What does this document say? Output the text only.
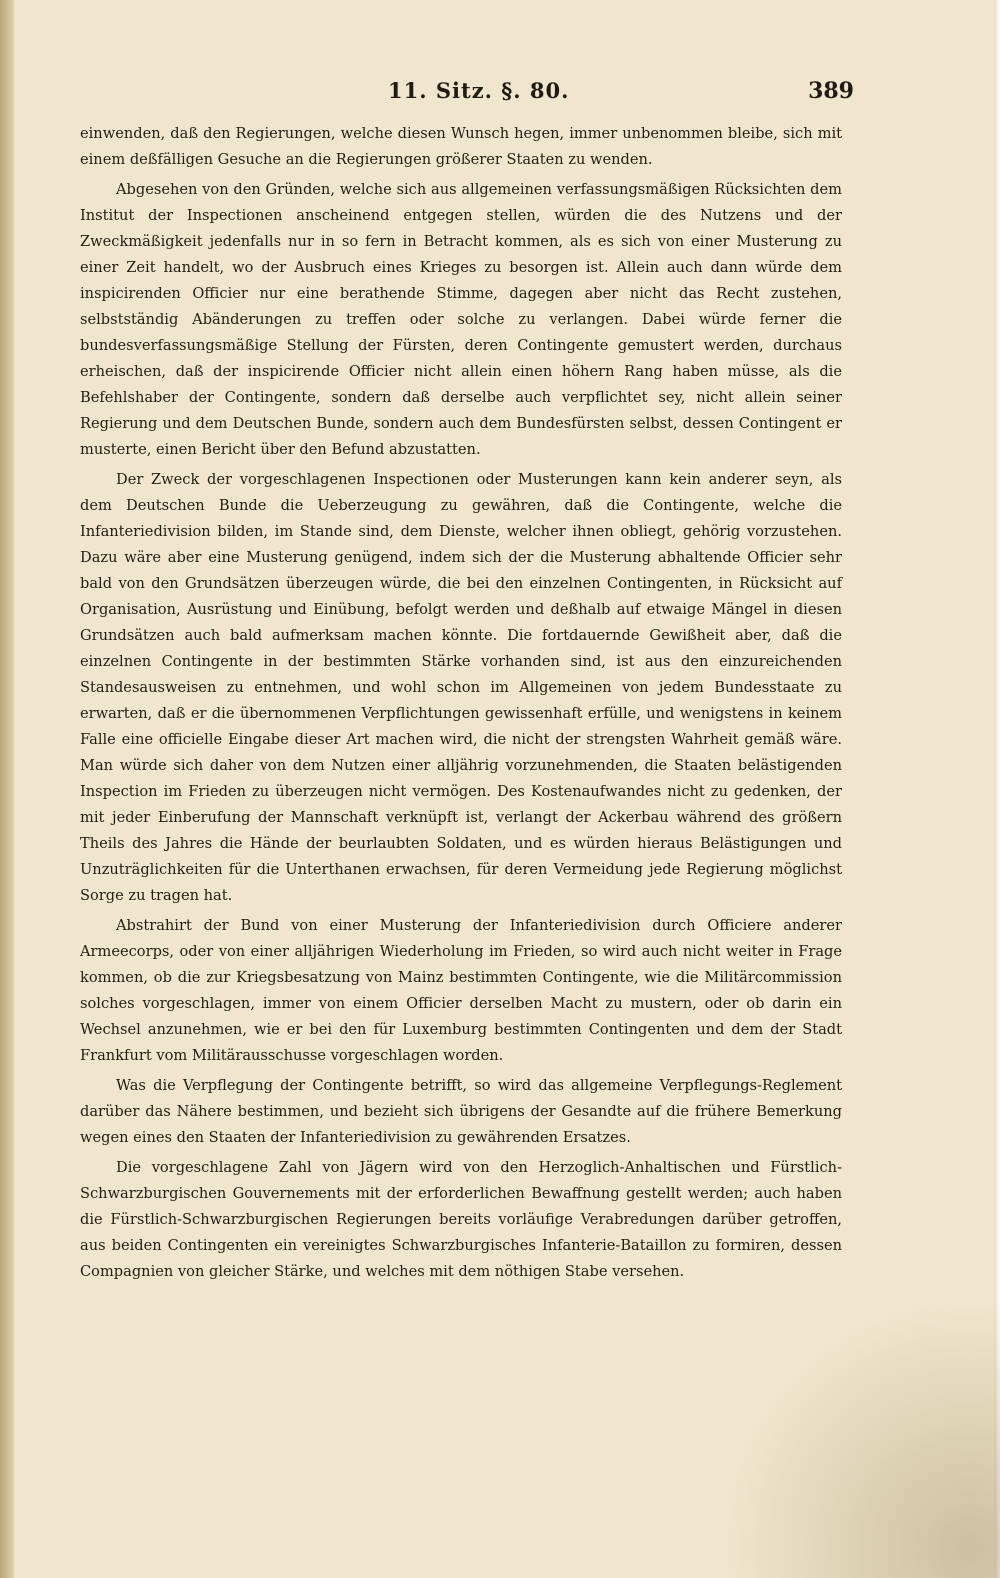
11. Sitz. §. 80.	389

einwenden, daß den Regierungen, welche diesen Wunsch hegen, immer unbenommen bleibe, sich mit einem deßfälligen Gesuche an die Regierungen größerer Staaten zu wenden.

Abgesehen von den Gründen, welche sich aus allgemeinen verfassungsmäßigen Rücksichten dem Institut der Inspectionen anscheinend entgegen stellen, würden die des Nutzens und der Zweckmäßigkeit jedenfalls nur in so fern in Betracht kommen, als es sich von einer Musterung zu einer Zeit handelt, wo der Ausbruch eines Krieges zu besorgen ist. Allein auch dann würde dem inspicirenden Officier nur eine berathende Stimme, dagegen aber nicht das Recht zustehen, selbstständig Abänderungen zu treffen oder solche zu verlangen. Dabei würde ferner die bundesverfassungsmäßige Stellung der Fürsten, deren Contingente gemustert werden, durchaus erheischen, daß der inspicirende Officier nicht allein einen höhern Rang haben müsse, als die Befehlshaber der Contingente, sondern daß derselbe auch verpflichtet sey, nicht allein seiner Regierung und dem Deutschen Bunde, sondern auch dem Bundesfürsten selbst, dessen Contingent er musterte, einen Bericht über den Befund abzustatten.

Der Zweck der vorgeschlagenen Inspectionen oder Musterungen kann kein anderer seyn, als dem Deutschen Bunde die Ueberzeugung zu gewähren, daß die Contingente, welche die Infanteriedivision bilden, im Stande sind, dem Dienste, welcher ihnen obliegt, gehörig vorzustehen. Dazu wäre aber eine Musterung genügend, indem sich der die Musterung abhaltende Officier sehr bald von den Grundsätzen überzeugen würde, die bei den einzelnen Contingenten, in Rücksicht auf Organisation, Ausrüstung und Einübung, befolgt werden und deßhalb auf etwaige Mängel in diesen Grundsätzen auch bald aufmerksam machen könnte. Die fortdauernde Gewißheit aber, daß die einzelnen Contingente in der bestimmten Stärke vorhanden sind, ist aus den einzureichenden Standesausweisen zu entnehmen, und wohl schon im Allgemeinen von jedem Bundesstaate zu erwarten, daß er die übernommenen Verpflichtungen gewissenhaft erfülle, und wenigstens in keinem Falle eine officielle Eingabe dieser Art machen wird, die nicht der strengsten Wahrheit gemäß wäre. Man würde sich daher von dem Nutzen einer alljährig vorzunehmenden, die Staaten belästigenden Inspection im Frieden zu überzeugen nicht vermögen. Des Kostenaufwandes nicht zu gedenken, der mit jeder Einberufung der Mannschaft verknüpft ist, verlangt der Ackerbau während des größern Theils des Jahres die Hände der beurlaubten Soldaten, und es würden hieraus Belästigungen und Unzuträglichkeiten für die Unterthanen erwachsen, für deren Vermeidung jede Regierung möglichst Sorge zu tragen hat.

Abstrahirt der Bund von einer Musterung der Infanteriedivision durch Officiere anderer Armeecorps, oder von einer alljährigen Wiederholung im Frieden, so wird auch nicht weiter in Frage kommen, ob die zur Kriegsbesatzung von Mainz bestimmten Contingente, wie die Militärcommission solches vorgeschlagen, immer von einem Officier derselben Macht zu mustern, oder ob darin ein Wechsel anzunehmen, wie er bei den für Luxemburg bestimmten Contingenten und dem der Stadt Frankfurt vom Militärausschusse vorgeschlagen worden.

Was die Verpflegung der Contingente betrifft, so wird das allgemeine Verpflegungs-Reglement darüber das Nähere bestimmen, und bezieht sich übrigens der Gesandte auf die frühere Bemerkung wegen eines den Staaten der Infanteriedivision zu gewährenden Ersatzes.

Die vorgeschlagene Zahl von Jägern wird von den Herzoglich-Anhaltischen und Fürstlich-Schwarzburgischen Gouvernements mit der erforderlichen Bewaffnung gestellt werden; auch haben die Fürstlich-Schwarzburgischen Regierungen bereits vorläufige Verabredungen darüber getroffen, aus beiden Contingenten ein vereinigtes Schwarzburgisches Infanterie-Bataillon zu formiren, dessen Compagnien von gleicher Stärke, und welches mit dem nöthigen Stabe versehen.
